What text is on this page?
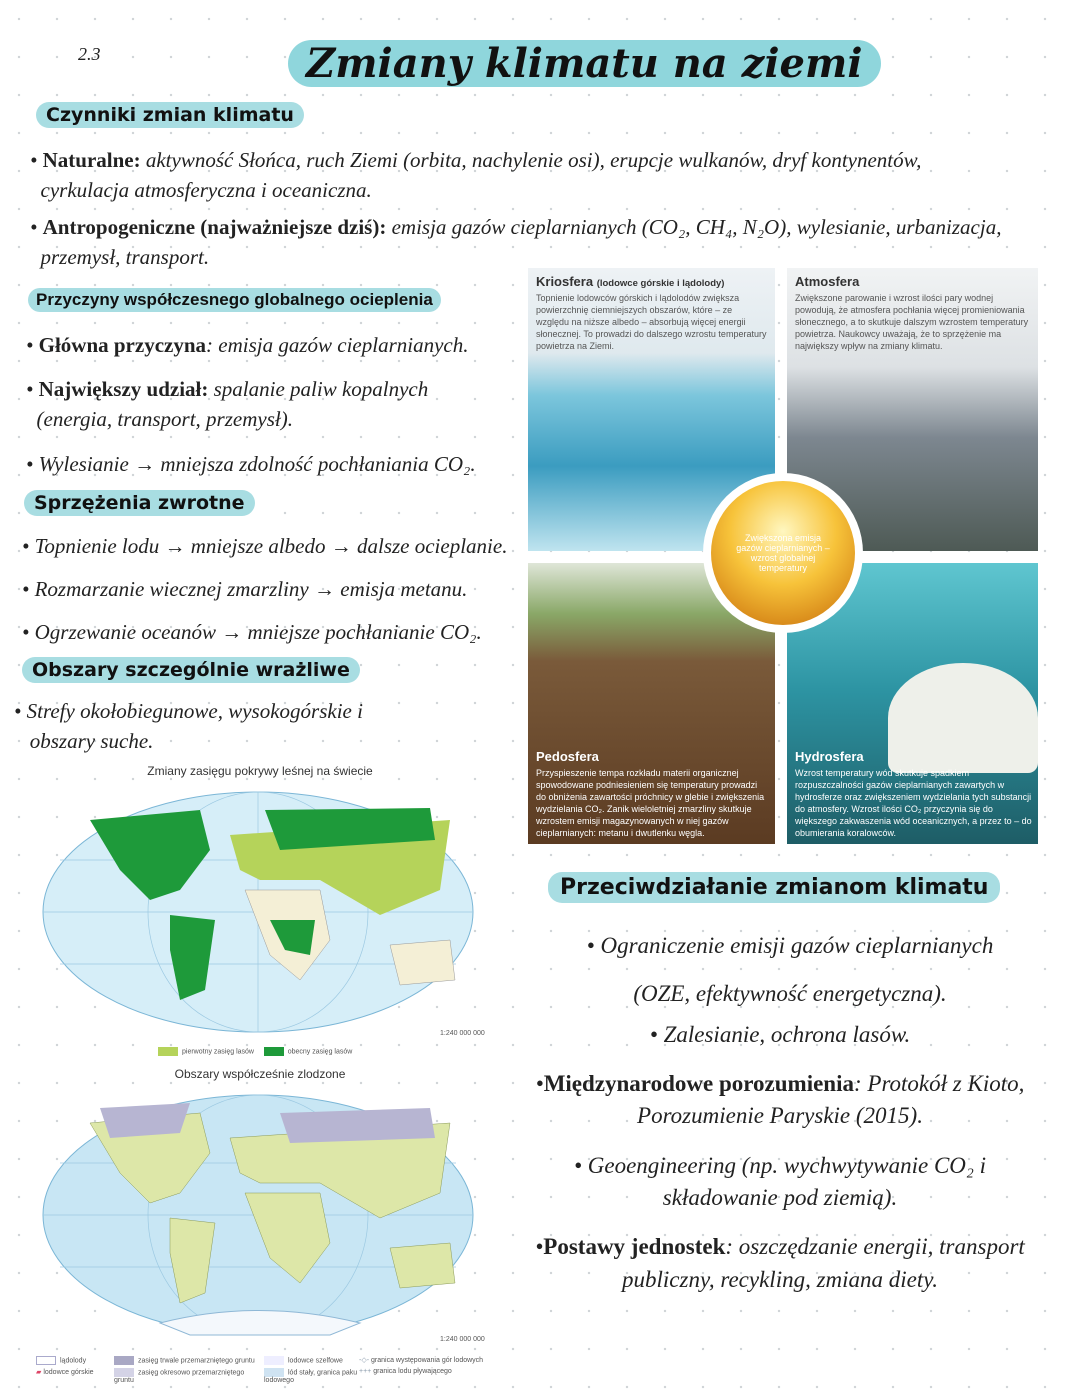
2.3	Zmiany klimatu na ziemi
Czynniki zmian klimatu
• Naturalne: aktywność Słońca, ruch Ziemi (orbita, nachylenie osi), erupcje wulkanów, dryf kontynentów,
cyrkulacja atmosferyczna i oceaniczna.
• Antropogeniczne (najważniejsze dziś): emisja gazów cieplarnianych (CO₂, CH₄, N₂O), wylesianie, urbanizacja,
przemysł, transport.
Przyczyny współczesnego globalnego ocieplenia
• Główna przyczyna: emisja gazów cieplarnianych.
• Największy udział: spalanie paliw kopalnych
(energia, transport, przemysł).
• Wylesianie → mniejsza zdolność pochłaniania CO₂.
Sprzężenia zwrotne
• Topnienie lodu → mniejsze albedo → dalsze ocieplanie.
• Rozmarzanie wiecznej zmarzliny → emisja metanu.
• Ogrzewanie oceanów → mniejsze pochłanianie CO₂.
Obszary szczególnie wrażliwe
• Strefy okołobiegunowe, wysokogórskie i
obszary suche.
Kriosfera (lodowce górskie i lądolody)

Topnienie lodowców górskich i lądolodów zwiększa powierzchnię ciemniejszych obszarów, które – ze względu na niższe albedo – absorbują więcej energii słonecznej. To prowadzi do dalszego wzrostu temperatury powietrza na Ziemi.

Atmosfera

Zwiększone parowanie i wzrost ilości pary wodnej powodują, że atmosfera pochłania więcej promieniowania słonecznego, a to skutkuje dalszym wzrostem temperatury powietrza. Naukowcy uważają, że to sprzężenie ma największy wpływ na zmiany klimatu.

Pedosfera

Przyspieszenie tempa rozkładu materii organicznej spowodowane podniesieniem się temperatury prowadzi do obniżenia zawartości próchnicy w glebie i zwiększenia wydzielania CO₂. Zanik wieloletniej zmarzliny skutkuje wzrostem emisji magazynowanych w niej gazów cieplarnianych: metanu i dwutlenku węgla.

Hydrosfera

Wzrost temperatury wód skutkuje spadkiem rozpuszczalności gazów cieplarnianych zawartych w hydrosferze oraz zwiększeniem wydzielania tych substancji do atmosfery. Wzrost ilości CO₂ przyczynia się do większego zakwaszenia wód oceanicznych, a przez to – do obumierania koralowców.

Zwiększona emisja gazów cieplarnianych – wzrost globalnej temperatury
Zmiany zasięgu pokrywy leśnej na świecie
1:240 000 000
pierwotny zasięg lasów	obecny zasięg lasów
Obszary współcześnie zlodzone
1:240 000 000
lądolody	zasięg trwale przemarzniętego gruntu	lodowce szelfowe	-◇- granica występowania gór lodowych
▰ lodowce górskie	zasięg okresowo przemarzniętego gruntu
lód stały, granica paku lodowego
+++ granica lodu pływającego
Przeciwdziałanie zmianom klimatu
• Ograniczenie emisji gazów cieplarnianych
(OZE, efektywność energetyczna).
• Zalesianie, ochrona lasów.
•Międzynarodowe porozumienia: Protokół z Kioto,
Porozumienie Paryskie (2015).
• Geoengineering (np. wychwytywanie CO₂ i
składowanie pod ziemią).
•Postawy jednostek: oszczędzanie energii, transport
publiczny, recykling, zmiana diety.
